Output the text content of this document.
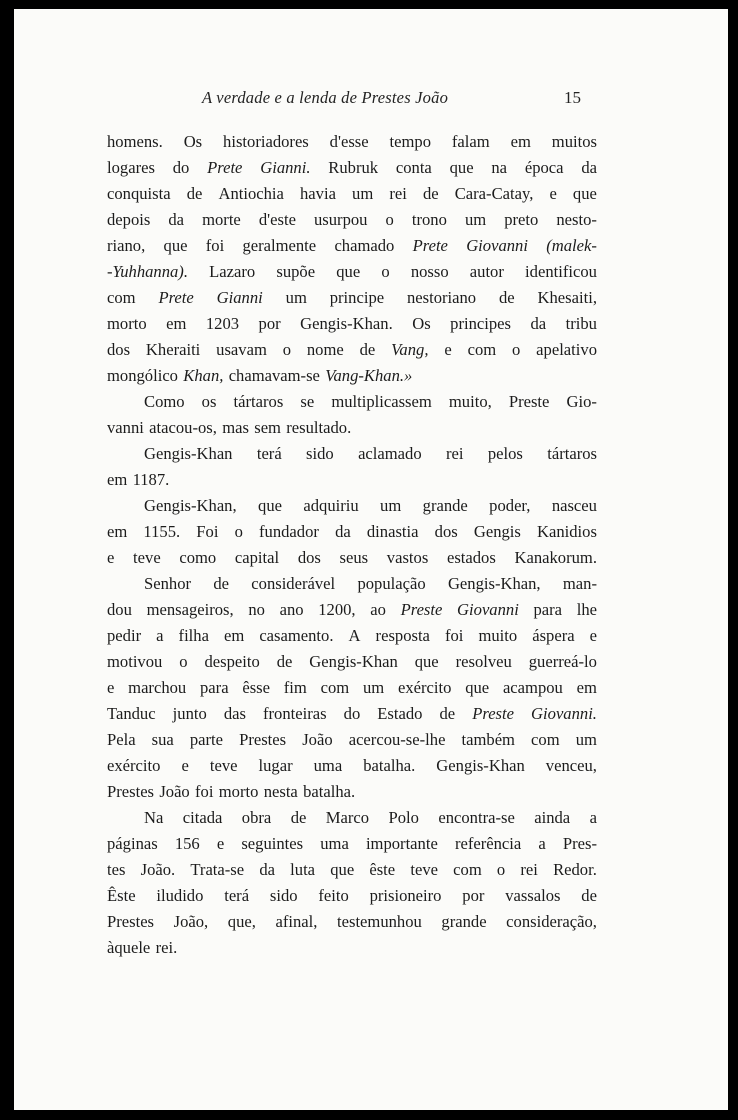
A verdade e a lenda de Prestes João	15
homens. Os historiadores d'esse tempo falam em muitos
logares do Prete Gianni. Rubruk conta que na época da
conquista de Antiochia havia um rei de Cara-Catay, e que
depois da morte d'este usurpou o trono um preto nesto-
riano, que foi geralmente chamado Prete Giovanni (malek-
-Yuhhanna). Lazaro supõe que o nosso autor identificou
com Prete Gianni um principe nestoriano de Khesaiti,
morto em 1203 por Gengis-Khan. Os principes da tribu
dos Kheraiti usavam o nome de Vang, e com o apelativo
mongólico Khan, chamavam-se Vang-Khan.»
Como os tártaros se multiplicassem muito, Preste Gio-
vanni atacou-os, mas sem resultado.
Gengis-Khan terá sido aclamado rei pelos tártaros
em 1187.
Gengis-Khan, que adquiriu um grande poder, nasceu
em 1155. Foi o fundador da dinastia dos Gengis Kanidios
e teve como capital dos seus vastos estados Kanakorum.
Senhor de considerável população Gengis-Khan, man-
dou mensageiros, no ano 1200, ao Preste Giovanni para lhe
pedir a filha em casamento. A resposta foi muito áspera e
motivou o despeito de Gengis-Khan que resolveu guerreá-lo
e marchou para êsse fim com um exército que acampou em
Tanduc junto das fronteiras do Estado de Preste Giovanni.
Pela sua parte Prestes João acercou-se-lhe também com um
exército e teve lugar uma batalha. Gengis-Khan venceu,
Prestes João foi morto nesta batalha.
Na citada obra de Marco Polo encontra-se ainda a
páginas 156 e seguintes uma importante referência a Pres-
tes João. Trata-se da luta que êste teve com o rei Redor.
Êste iludido terá sido feito prisioneiro por vassalos de
Prestes João, que, afinal, testemunhou grande consideração,
àquele rei.
